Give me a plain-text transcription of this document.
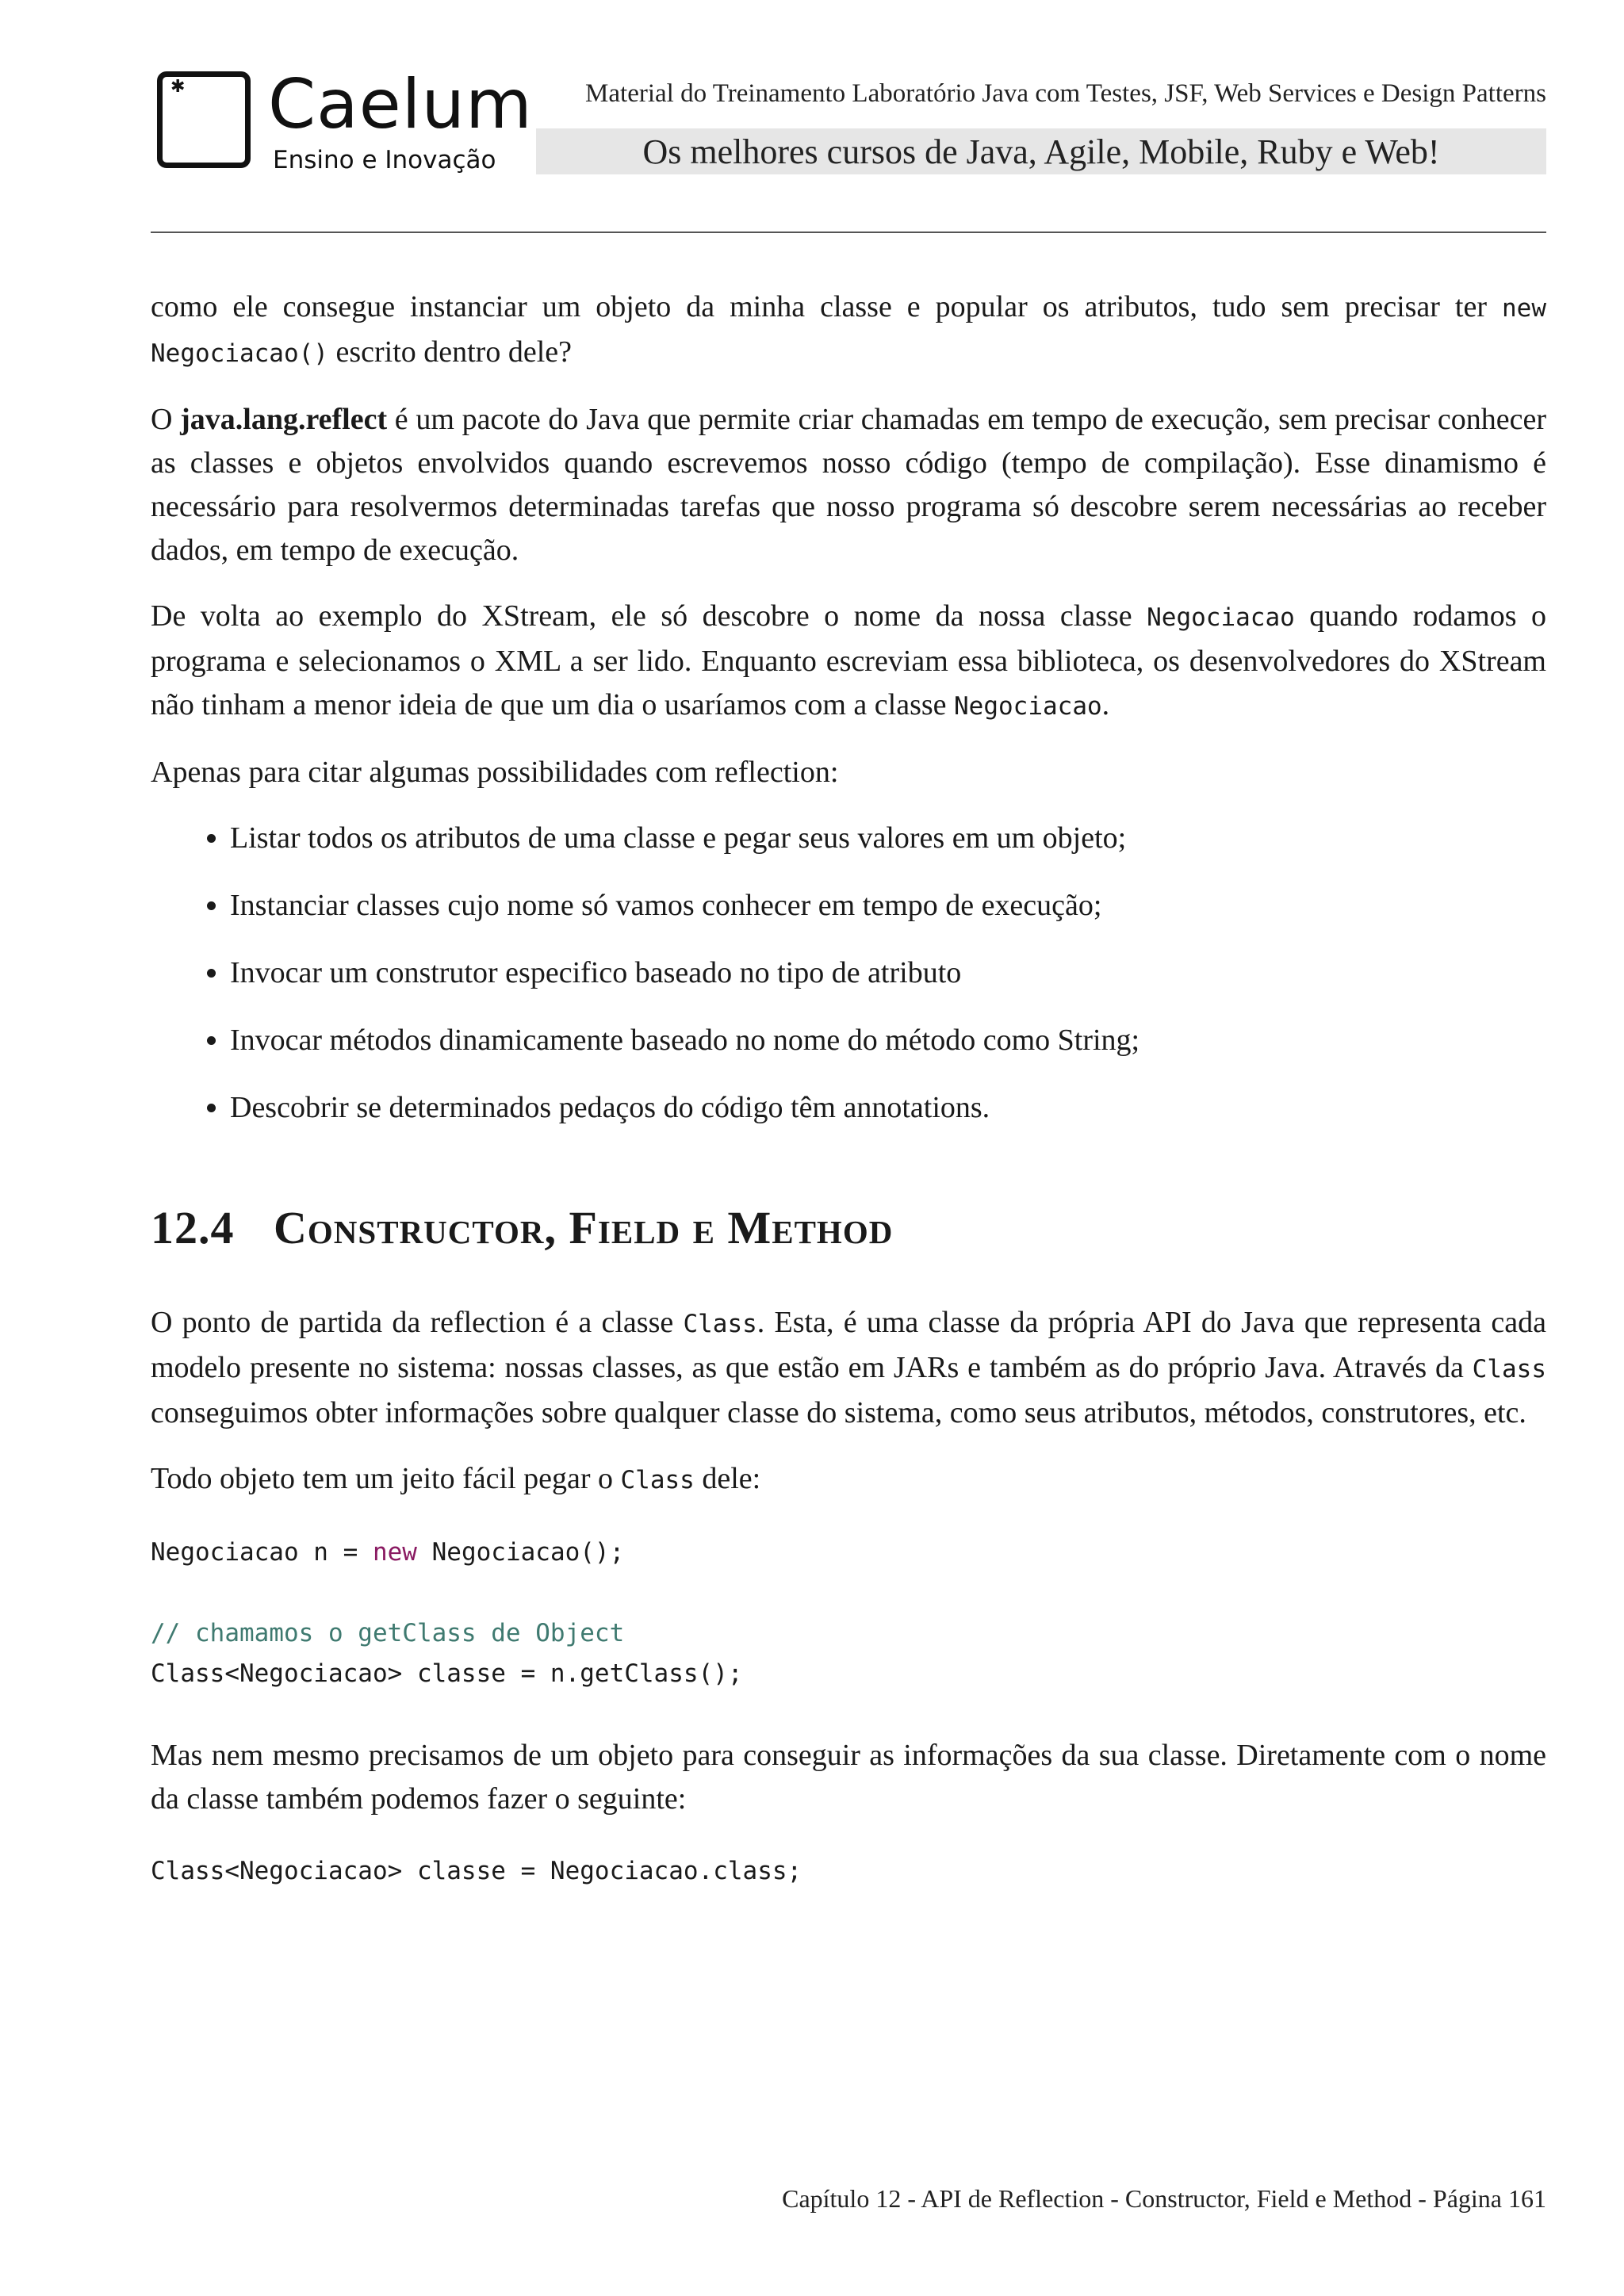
✱ Caelum
Ensino e Inovação
Material do Treinamento Laboratório Java com Testes, JSF, Web Services e Design Patterns
Os melhores cursos de Java, Agile, Mobile, Ruby e Web!

como ele consegue instanciar um objeto da minha classe e popular os atributos, tudo sem precisar ter new Negociacao() escrito dentro dele?

O java.lang.reflect é um pacote do Java que permite criar chamadas em tempo de execução, sem precisar conhecer as classes e objetos envolvidos quando escrevemos nosso código (tempo de compilação). Esse dinamismo é necessário para resolvermos determinadas tarefas que nosso programa só descobre serem necessárias ao receber dados, em tempo de execução.

De volta ao exemplo do XStream, ele só descobre o nome da nossa classe Negociacao quando rodamos o programa e selecionamos o XML a ser lido. Enquanto escreviam essa biblioteca, os desenvolvedores do XStream não tinham a menor ideia de que um dia o usaríamos com a classe Negociacao.

Apenas para citar algumas possibilidades com reflection:

• Listar todos os atributos de uma classe e pegar seus valores em um objeto;
• Instanciar classes cujo nome só vamos conhecer em tempo de execução;
• Invocar um construtor especifico baseado no tipo de atributo
• Invocar métodos dinamicamente baseado no nome do método como String;
• Descobrir se determinados pedaços do código têm annotations.
12.4 Constructor, Field e Method

O ponto de partida da reflection é a classe Class. Esta, é uma classe da própria API do Java que representa cada modelo presente no sistema: nossas classes, as que estão em JARs e também as do próprio Java. Através da Class conseguimos obter informações sobre qualquer classe do sistema, como seus atributos, métodos, construtores, etc.

Todo objeto tem um jeito fácil pegar o Class dele:

Negociacao n = new Negociacao();
// chamamos o getClass de Object
Class<Negociacao> classe = n.getClass();

Mas nem mesmo precisamos de um objeto para conseguir as informações da sua classe. Diretamente com o nome da classe também podemos fazer o seguinte:

Class<Negociacao> classe = Negociacao.class;
Capítulo 12 - API de Reflection - Constructor, Field e Method - Página 161
